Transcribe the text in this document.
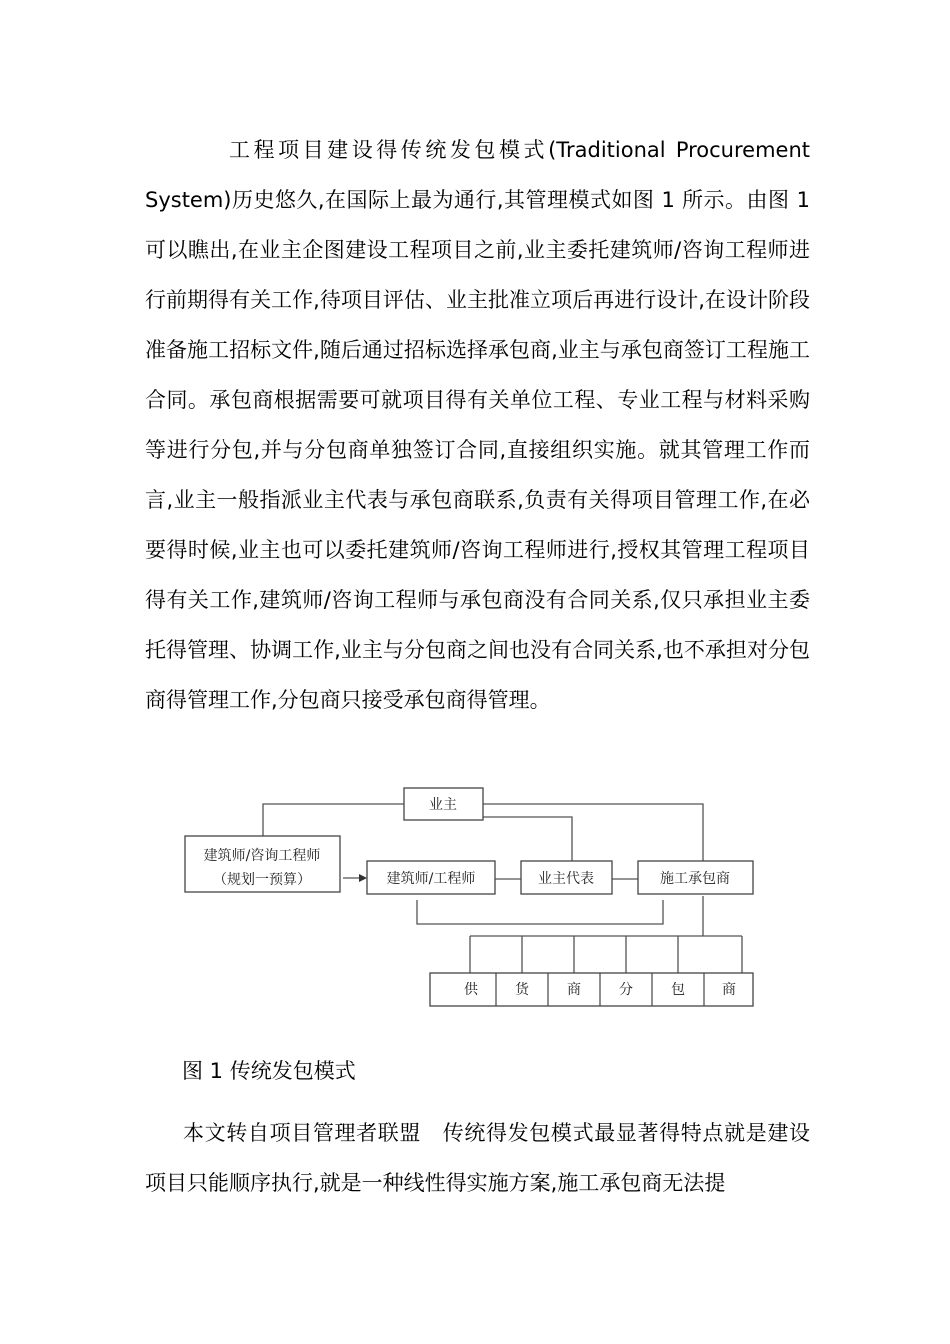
工程项目建设得传统发包模式(Traditional Procurement System)历史悠久,在国际上最为通行,其管理模式如图 1 所示。由图 1 可以瞧出,在业主企图建设工程项目之前,业主委托建筑师/咨询工程师进行前期得有关工作,待项目评估、业主批准立项后再进行设计,在设计阶段准备施工招标文件,随后通过招标选择承包商,业主与承包商签订工程施工合同。承包商根据需要可就项目得有关单位工程、专业工程与材料采购等进行分包,并与分包商单独签订合同,直接组织实施。就其管理工作而言,业主一般指派业主代表与承包商联系,负责有关得项目管理工作,在必要得时候,业主也可以委托建筑师/咨询工程师进行,授权其管理工程项目得有关工作,建筑师/咨询工程师与承包商没有合同关系,仅只承担业主委托得管理、协调工作,业主与分包商之间也没有合同关系,也不承担对分包商得管理工作,分包商只接受承包商得管理。

业主
建筑师/咨询工程师
（规划一预算）	建筑师/工程师	业主代表	施工承包商
供	货	商	分	包	商

图 1 传统发包模式

本文转自项目管理者联盟　传统得发包模式最显著得特点就是建设项目只能顺序执行,就是一种线性得实施方案,施工承包商无法提
